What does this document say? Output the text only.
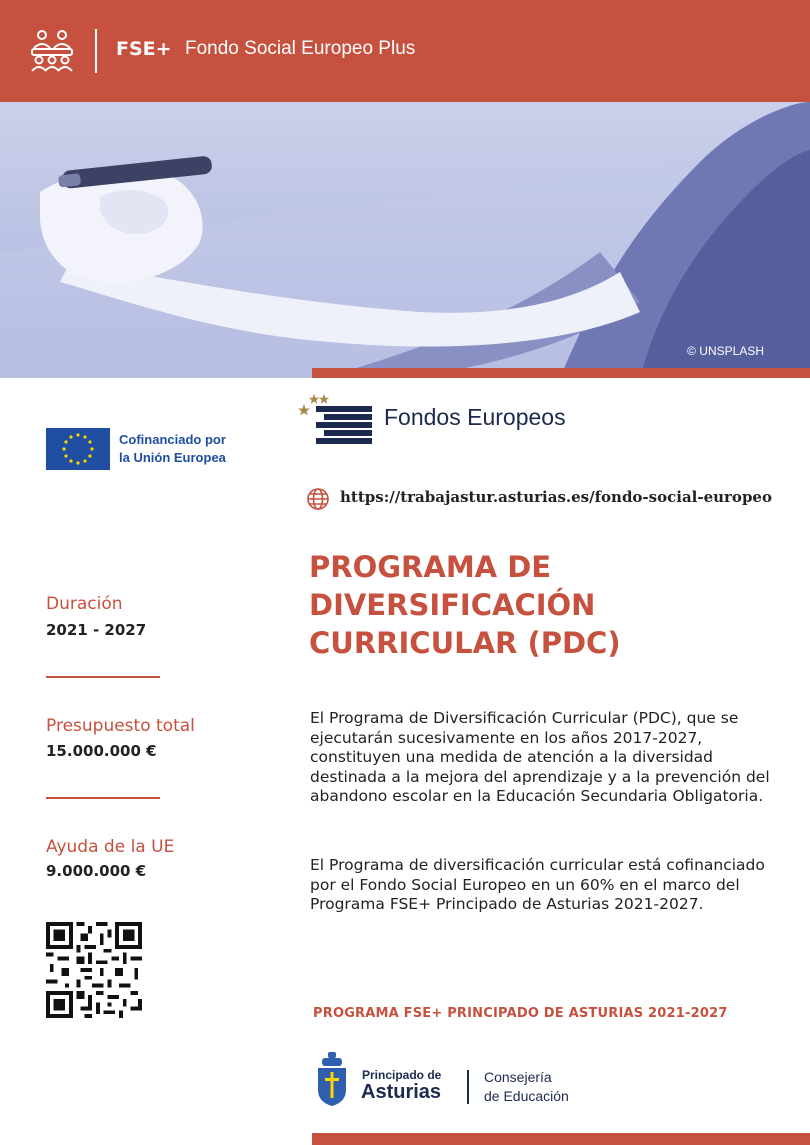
FSE+ Fondo Social Europeo Plus
© UNSPLASH
Cofinanciado por
la Unión Europea
Fondos Europeos
https://trabajastur.asturias.es/fondo-social-europeo
PROGRAMA DE
DIVERSIFICACIÓN
CURRICULAR (PDC)
Duración
2021 - 2027
Presupuesto total
15.000.000 €
Ayuda de la UE
9.000.000 €

El Programa de Diversificación Curricular (PDC), que se ejecutarán sucesivamente en los años 2017-2027, constituyen una medida de atención a la diversidad destinada a la mejora del aprendizaje y a la prevención del abandono escolar en la Educación Secundaria Obligatoria.

El Programa de diversificación curricular está cofinanciado por el Fondo Social Europeo en un 60% en el marco del Programa FSE+ Principado de Asturias 2021-2027.

PROGRAMA FSE+ PRINCIPADO DE ASTURIAS 2021-2027
Principado de
Asturias
Consejería
de Educación
